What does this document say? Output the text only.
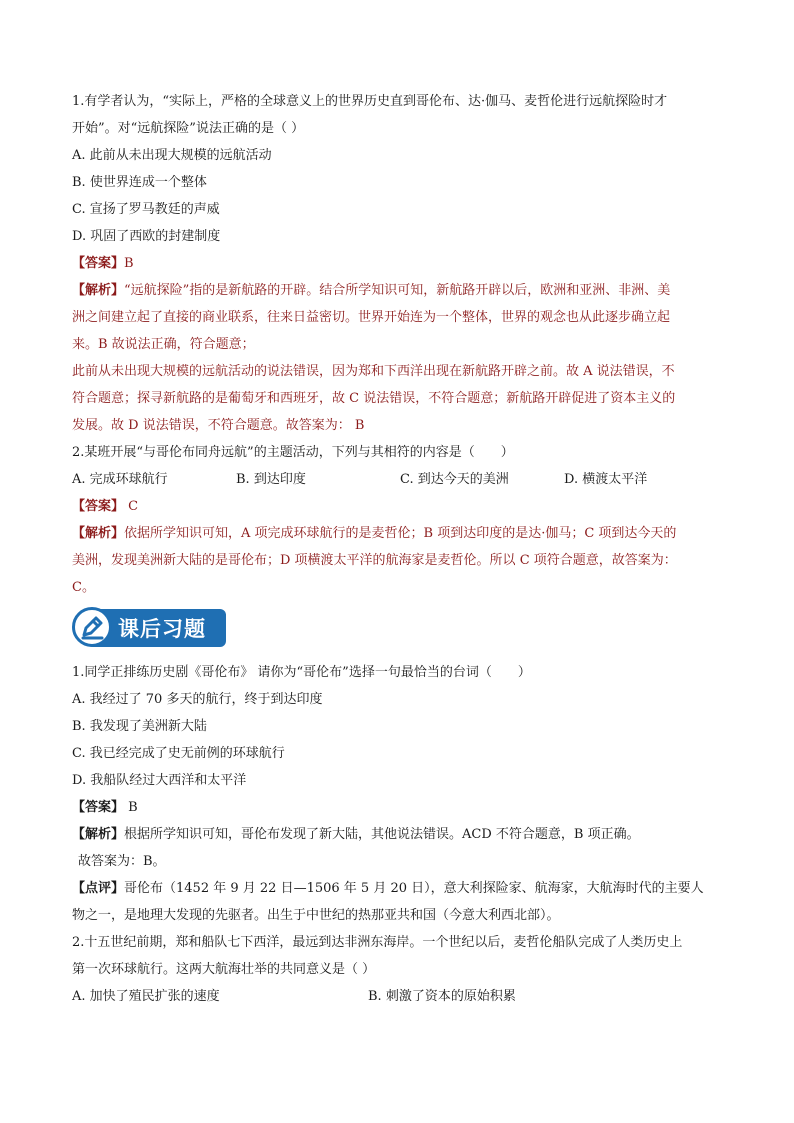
1.有学者认为，“实际上，严格的全球意义上的世界历史直到哥伦布、达·伽马、麦哲伦进行远航探险时才
开始”。对“远航探险”说法正确的是（ ）
A. 此前从未出现大规模的远航活动
B. 使世界连成一个整体
C. 宣扬了罗马教廷的声威
D. 巩固了西欧的封建制度
【答案】B
【解析】“远航探险”指的是新航路的开辟。结合所学知识可知，新航路开辟以后，欧洲和亚洲、非洲、美
洲之间建立起了直接的商业联系，往来日益密切。世界开始连为一个整体，世界的观念也从此逐步确立起
来。B 故说法正确，符合题意；
此前从未出现大规模的远航活动的说法错误，因为郑和下西洋出现在新航路开辟之前。故 A 说法错误，不
符合题意；探寻新航路的是葡萄牙和西班牙，故 C 说法错误，不符合题意；新航路开辟促进了资本主义的
发展。故 D 说法错误，不符合题意。故答案为： B
2.某班开展“与哥伦布同舟远航”的主题活动，下列与其相符的内容是（　　）
A. 完成环球航行	B. 到达印度	C. 到达今天的美洲	D. 横渡太平洋
【答案】 C
【解析】依据所学知识可知，A 项完成环球航行的是麦哲伦；B 项到达印度的是达·伽马；C 项到达今天的
美洲，发现美洲新大陆的是哥伦布；D 项横渡太平洋的航海家是麦哲伦。所以 C 项符合题意，故答案为：
C。
课后习题
1.同学正排练历史剧《哥伦布》 请你为“哥伦布”选择一句最恰当的台词（　　）
A. 我经过了 70 多天的航行，终于到达印度
B. 我发现了美洲新大陆
C. 我已经完成了史无前例的环球航行
D. 我船队经过大西洋和太平洋
【答案】 B
【解析】根据所学知识可知，哥伦布发现了新大陆，其他说法错误。ACD 不符合题意，B 项正确。
故答案为：B。
【点评】哥伦布（1452 年 9 月 22 日—1506 年 5 月 20 日），意大利探险家、航海家，大航海时代的主要人
物之一，是地理大发现的先驱者。出生于中世纪的热那亚共和国（今意大利西北部）。
2.十五世纪前期，郑和船队七下西洋，最远到达非洲东海岸。一个世纪以后，麦哲伦船队完成了人类历史上
第一次环球航行。这两大航海壮举的共同意义是（ ）
A. 加快了殖民扩张的速度	B. 刺激了资本的原始积累
